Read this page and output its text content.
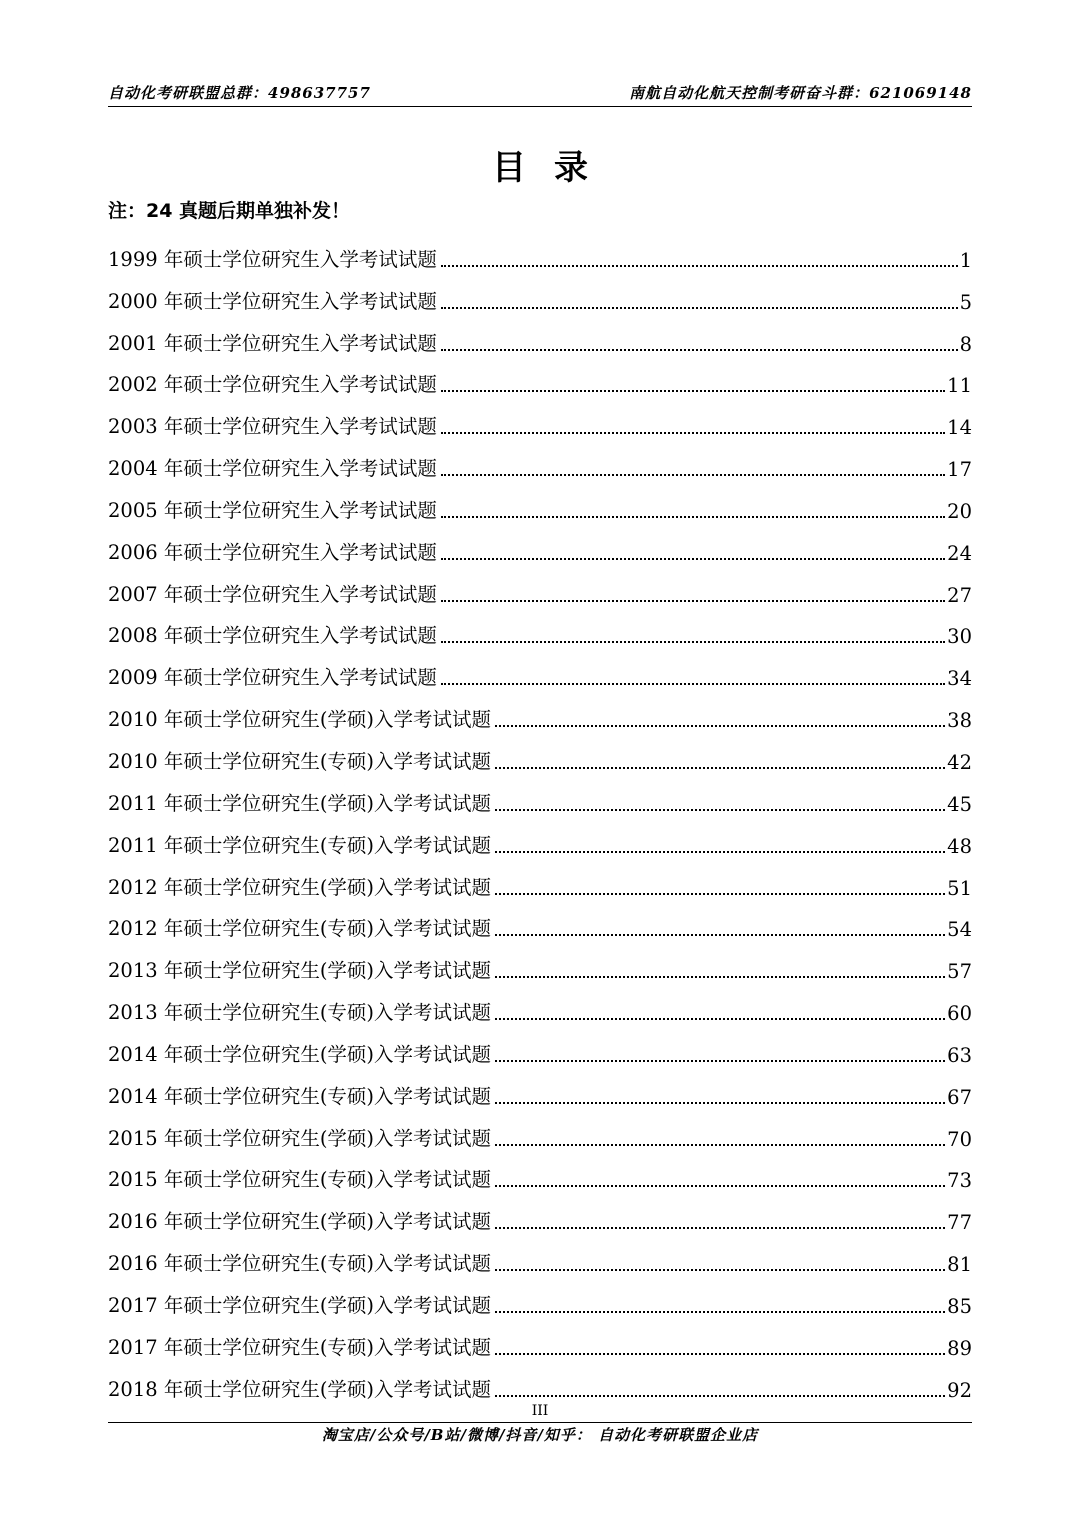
自动化考研联盟总群：498637757	南航自动化航天控制考研奋斗群：621069148
目录
注：24 真题后期单独补发！
1999 年硕士学位研究生入学考试试题	1
2000 年硕士学位研究生入学考试试题	5
2001 年硕士学位研究生入学考试试题	8
2002 年硕士学位研究生入学考试试题	11
2003 年硕士学位研究生入学考试试题	14
2004 年硕士学位研究生入学考试试题	17
2005 年硕士学位研究生入学考试试题	20
2006 年硕士学位研究生入学考试试题	24
2007 年硕士学位研究生入学考试试题	27
2008 年硕士学位研究生入学考试试题	30
2009 年硕士学位研究生入学考试试题	34
2010 年硕士学位研究生(学硕)入学考试试题	38
2010 年硕士学位研究生(专硕)入学考试试题	42
2011 年硕士学位研究生(学硕)入学考试试题	45
2011 年硕士学位研究生(专硕)入学考试试题	48
2012 年硕士学位研究生(学硕)入学考试试题	51
2012 年硕士学位研究生(专硕)入学考试试题	54
2013 年硕士学位研究生(学硕)入学考试试题	57
2013 年硕士学位研究生(专硕)入学考试试题	60
2014 年硕士学位研究生(学硕)入学考试试题	63
2014 年硕士学位研究生(专硕)入学考试试题	67
2015 年硕士学位研究生(学硕)入学考试试题	70
2015 年硕士学位研究生(专硕)入学考试试题	73
2016 年硕士学位研究生(学硕)入学考试试题	77
2016 年硕士学位研究生(专硕)入学考试试题	81
2017 年硕士学位研究生(学硕)入学考试试题	85
2017 年硕士学位研究生(专硕)入学考试试题	89
2018 年硕士学位研究生(学硕)入学考试试题	92
III
淘宝店/公众号/B站/微博/抖音/知乎： 自动化考研联盟企业店
